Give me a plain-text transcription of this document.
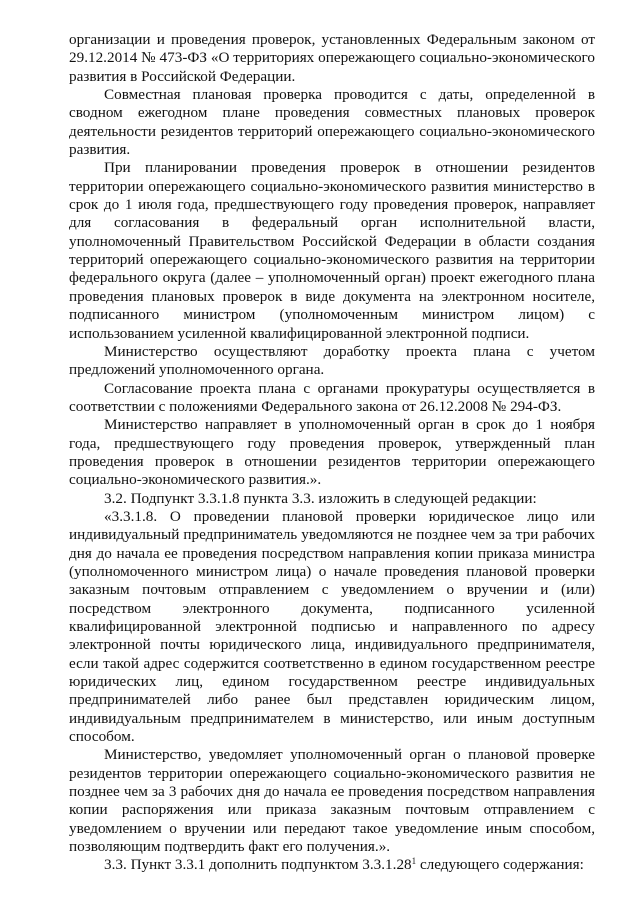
организации и проведения проверок, установленных Федеральным законом от 29.12.2014 № 473-ФЗ «О территориях опережающего социально-экономического развития в Российской Федерации.

Совместная плановая проверка проводится с даты, определенной в сводном ежегодном плане проведения совместных плановых проверок деятельности резидентов территорий опережающего социально-экономического развития.

При планировании проведения проверок в отношении резидентов территории опережающего социально-экономического развития министерство в срок до 1 июля года, предшествующего году проведения проверок, направляет для согласования в федеральный орган исполнительной власти, уполномоченный Правительством Российской Федерации в области создания территорий опережающего социально-экономического развития на территории федерального округа (далее – уполномоченный орган) проект ежегодного плана проведения плановых проверок в виде документа на электронном носителе, подписанного министром (уполномоченным министром лицом) с использованием усиленной квалифицированной электронной подписи.

Министерство осуществляют доработку проекта плана с учетом предложений уполномоченного органа.

Согласование проекта плана с органами прокуратуры осуществляется в соответствии с положениями Федерального закона от 26.12.2008 № 294-ФЗ.

Министерство направляет в уполномоченный орган в срок до 1 ноября года, предшествующего году проведения проверок, утвержденный план проведения проверок в отношении резидентов территории опережающего социально-экономического развития.».

3.2. Подпункт 3.3.1.8 пункта 3.3. изложить в следующей редакции:

«3.3.1.8. О проведении плановой проверки юридическое лицо или индивидуальный предприниматель уведомляются не позднее чем за три рабочих дня до начала ее проведения посредством направления копии приказа министра (уполномоченного министром лица) о начале проведения плановой проверки заказным почтовым отправлением с уведомлением о вручении и (или) посредством электронного документа, подписанного усиленной квалифицированной электронной подписью и направленного по адресу электронной почты юридического лица, индивидуального предпринимателя, если такой адрес содержится соответственно в едином государственном реестре юридических лиц, едином государственном реестре индивидуальных предпринимателей либо ранее был представлен юридическим лицом, индивидуальным предпринимателем в министерство, или иным доступным способом.

Министерство, уведомляет уполномоченный орган о плановой проверке резидентов территории опережающего социально-экономического развития не позднее чем за 3 рабочих дня до начала ее проведения посредством направления копии распоряжения или приказа заказным почтовым отправлением с уведомлением о вручении или передают такое уведомление иным способом, позволяющим подтвердить факт его получения.».

3.3. Пункт 3.3.1 дополнить подпунктом 3.3.1.28$^1$ следующего содержания:
